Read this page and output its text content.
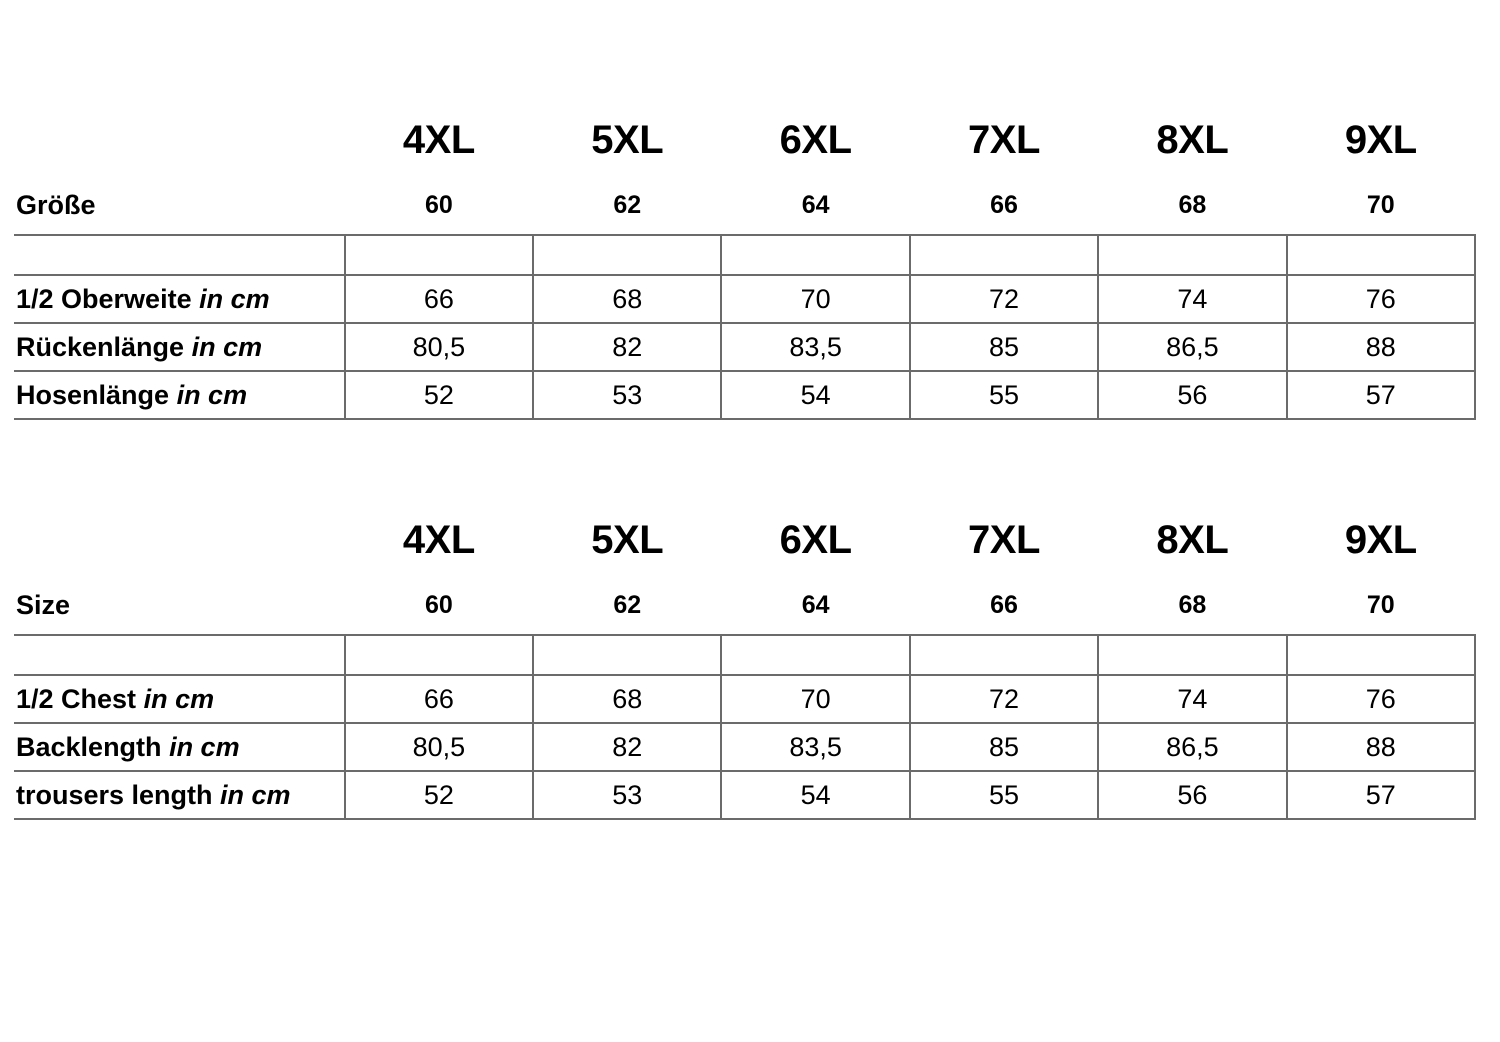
	4XL	5XL	6XL	7XL	8XL	9XL
Größe	60	62	64	66	68	70

1/2 Oberweite in cm	66	68	70	72	74	76
Rückenlänge in cm	80,5	82	83,5	85	86,5	88
Hosenlänge in cm	52	53	54	55	56	57
	4XL	5XL	6XL	7XL	8XL	9XL
Size	60	62	64	66	68	70

1/2 Chest in cm	66	68	70	72	74	76
Backlength in cm	80,5	82	83,5	85	86,5	88
trousers length in cm	52	53	54	55	56	57
